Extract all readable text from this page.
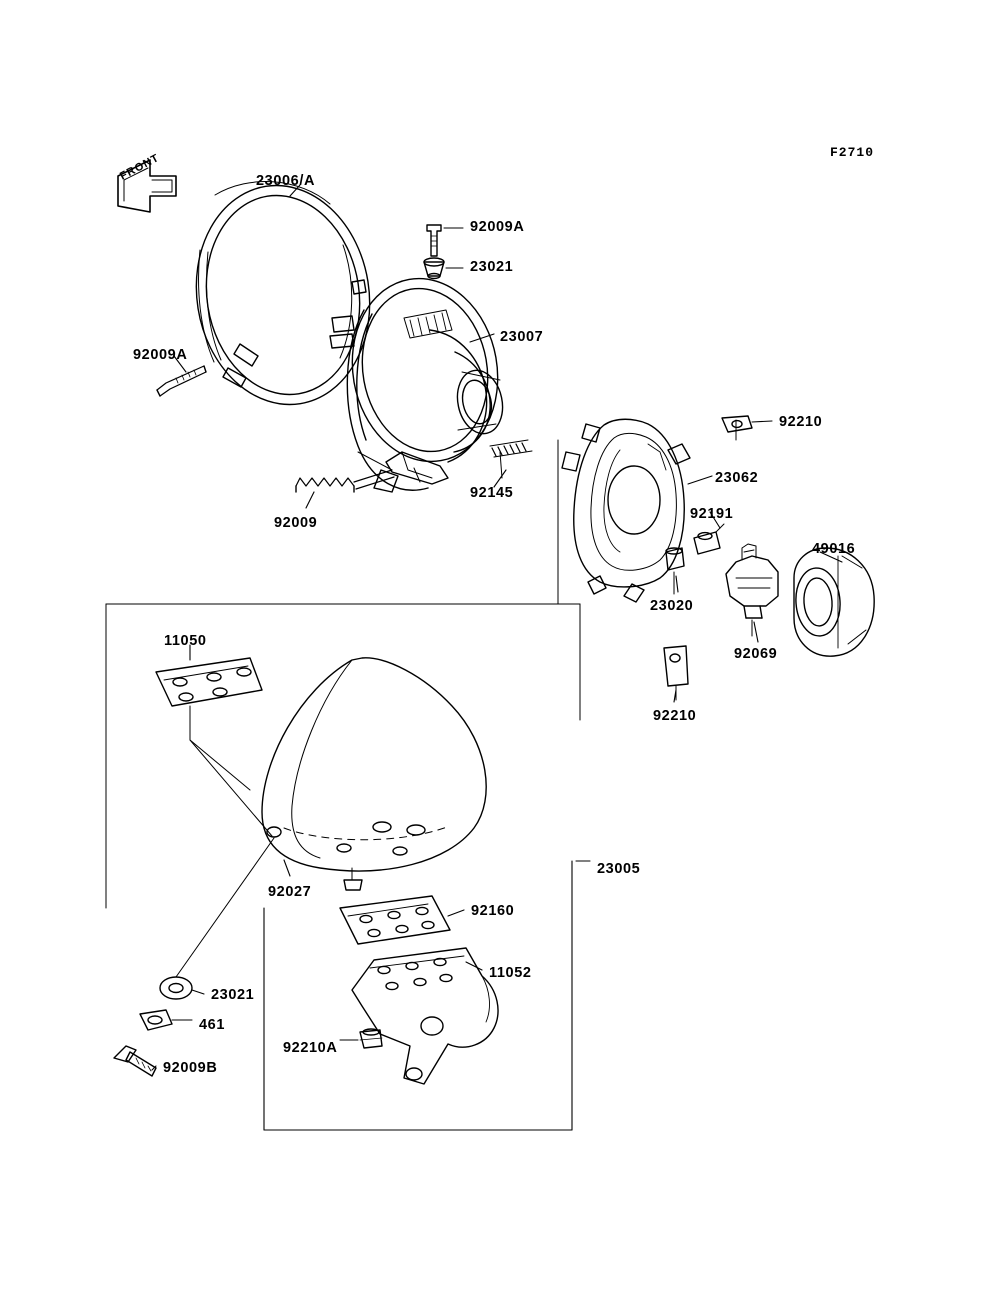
F2710
FRONT	23006/A
92009A
23021
23007
92009A
92145
92009
92210
23062
92191
49016
23020
92069
92210
11050
23005
92027
92160
11052
23021
461
92210A
92009B
